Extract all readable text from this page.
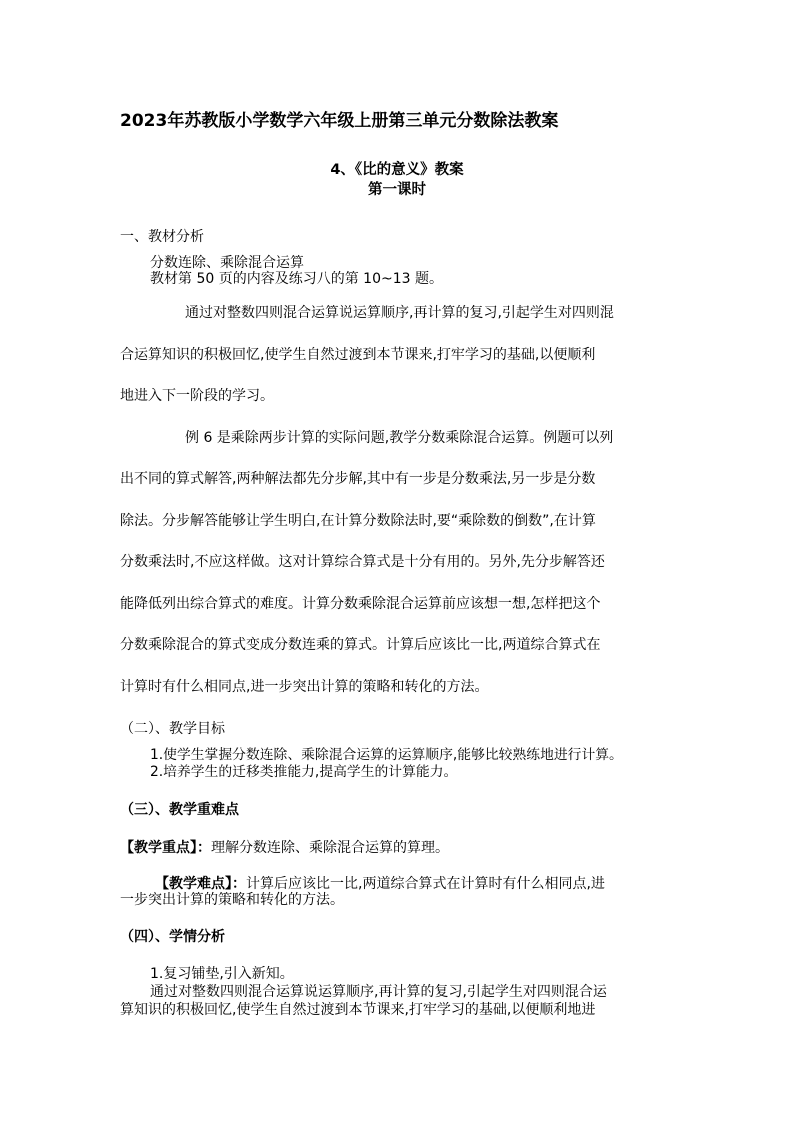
2023年苏教版小学数学六年级上册第三单元分数除法教案
4、《比的意义》教案
第一课时
一、教材分析
分数连除、乘除混合运算
教材第 50 页的内容及练习八的第 10~13 题。
通过对整数四则混合运算说运算顺序,再计算的复习,引起学生对四则混
合运算知识的积极回忆,使学生自然过渡到本节课来,打牢学习的基础,以便顺利
地进入下一阶段的学习。
例 6 是乘除两步计算的实际问题,教学分数乘除混合运算。例题可以列
出不同的算式解答,两种解法都先分步解,其中有一步是分数乘法,另一步是分数
除法。分步解答能够让学生明白,在计算分数除法时,要“乘除数的倒数”,在计算
分数乘法时,不应这样做。这对计算综合算式是十分有用的。另外,先分步解答还
能降低列出综合算式的难度。计算分数乘除混合运算前应该想一想,怎样把这个
分数乘除混合的算式变成分数连乘的算式。计算后应该比一比,两道综合算式在
计算时有什么相同点,进一步突出计算的策略和转化的方法。
（二）、教学目标
1.使学生掌握分数连除、乘除混合运算的运算顺序,能够比较熟练地进行计算。
2.培养学生的迁移类推能力,提高学生的计算能力。
（三）、教学重难点
【教学重点】：理解分数连除、乘除混合运算的算理。
【教学难点】：计算后应该比一比,两道综合算式在计算时有什么相同点,进
一步突出计算的策略和转化的方法。
（四）、学情分析
1.复习铺垫,引入新知。
通过对整数四则混合运算说运算顺序,再计算的复习,引起学生对四则混合运
算知识的积极回忆,使学生自然过渡到本节课来,打牢学习的基础,以便顺利地进
